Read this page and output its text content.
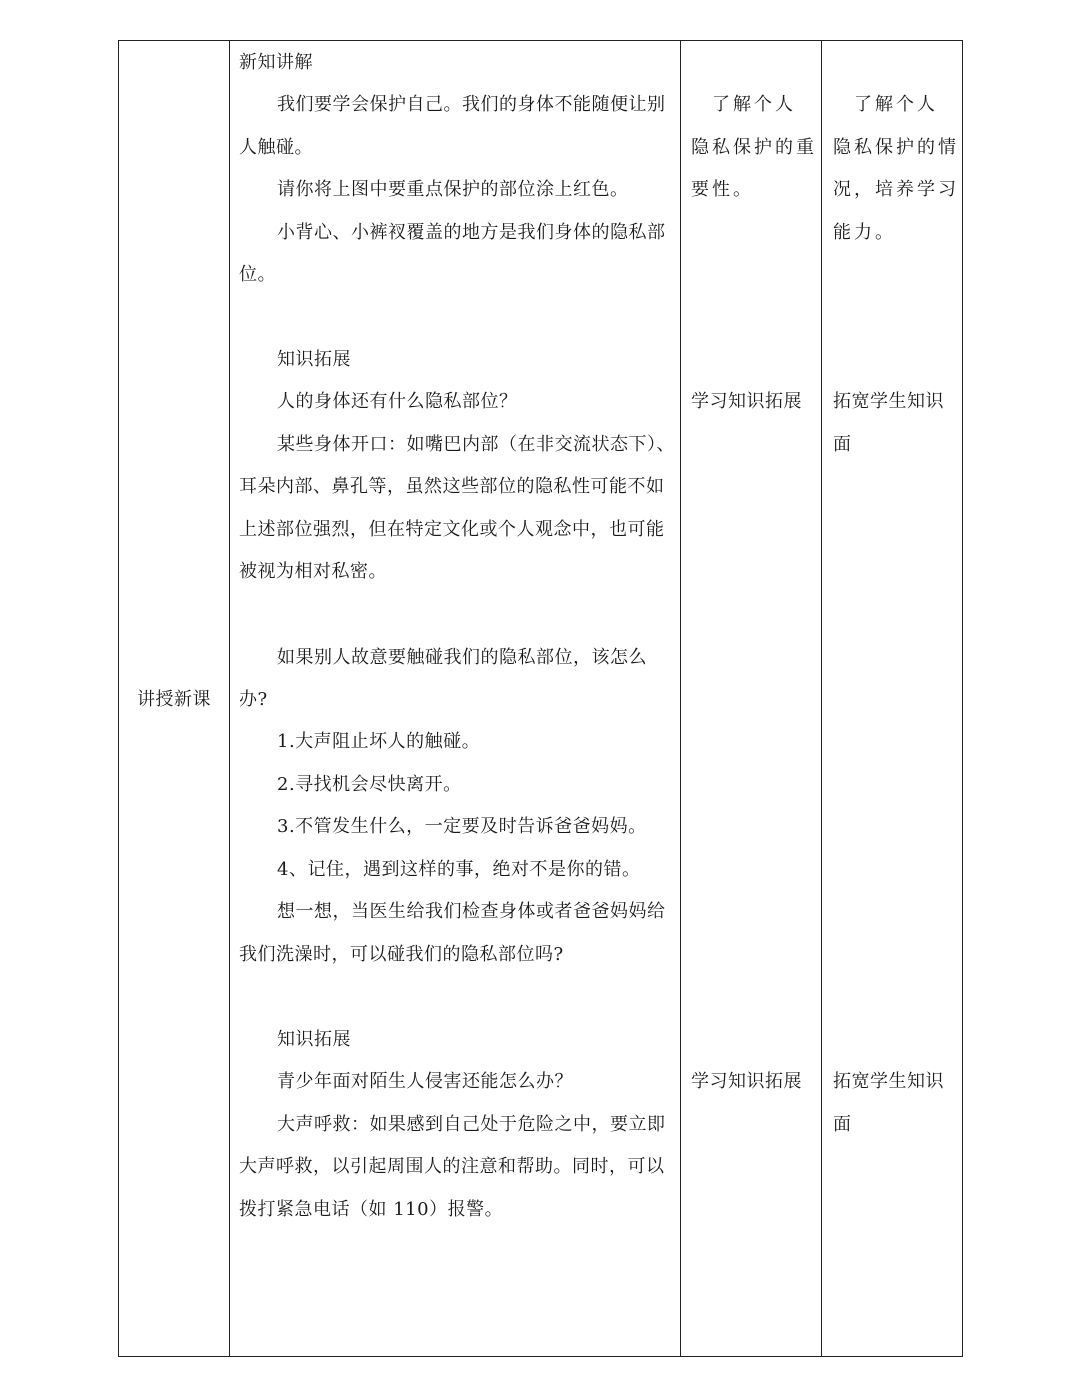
讲授新课
新知讲解
我们要学会保护自己。我们的身体不能随便让别
人触碰。
请你将上图中要重点保护的部位涂上红色。
小背心、小裤衩覆盖的地方是我们身体的隐私部
位。
知识拓展
人的身体还有什么隐私部位？
某些身体开口：如嘴巴内部（在非交流状态下）、
耳朵内部、鼻孔等，虽然这些部位的隐私性可能不如
上述部位强烈，但在特定文化或个人观念中，也可能
被视为相对私密。
如果别人故意要触碰我们的隐私部位，该怎么
办?
1.大声阻止坏人的触碰。
2.寻找机会尽快离开。
3.不管发生什么，一定要及时告诉爸爸妈妈。
4、记住，遇到这样的事，绝对不是你的错。
想一想，当医生给我们检查身体或者爸爸妈妈给
我们洗澡时，可以碰我们的隐私部位吗?
知识拓展
青少年面对陌生人侵害还能怎么办？
大声呼救：如果感到自己处于危险之中，要立即
大声呼救，以引起周围人的注意和帮助。同时，可以
拨打紧急电话（如 110）报警。
　了解个人
隐私保护的重
要性。
学习知识拓展
学习知识拓展
　了解个人
隐私保护的情
况，培养学习
能力。
拓宽学生知识
面
拓宽学生知识
面
